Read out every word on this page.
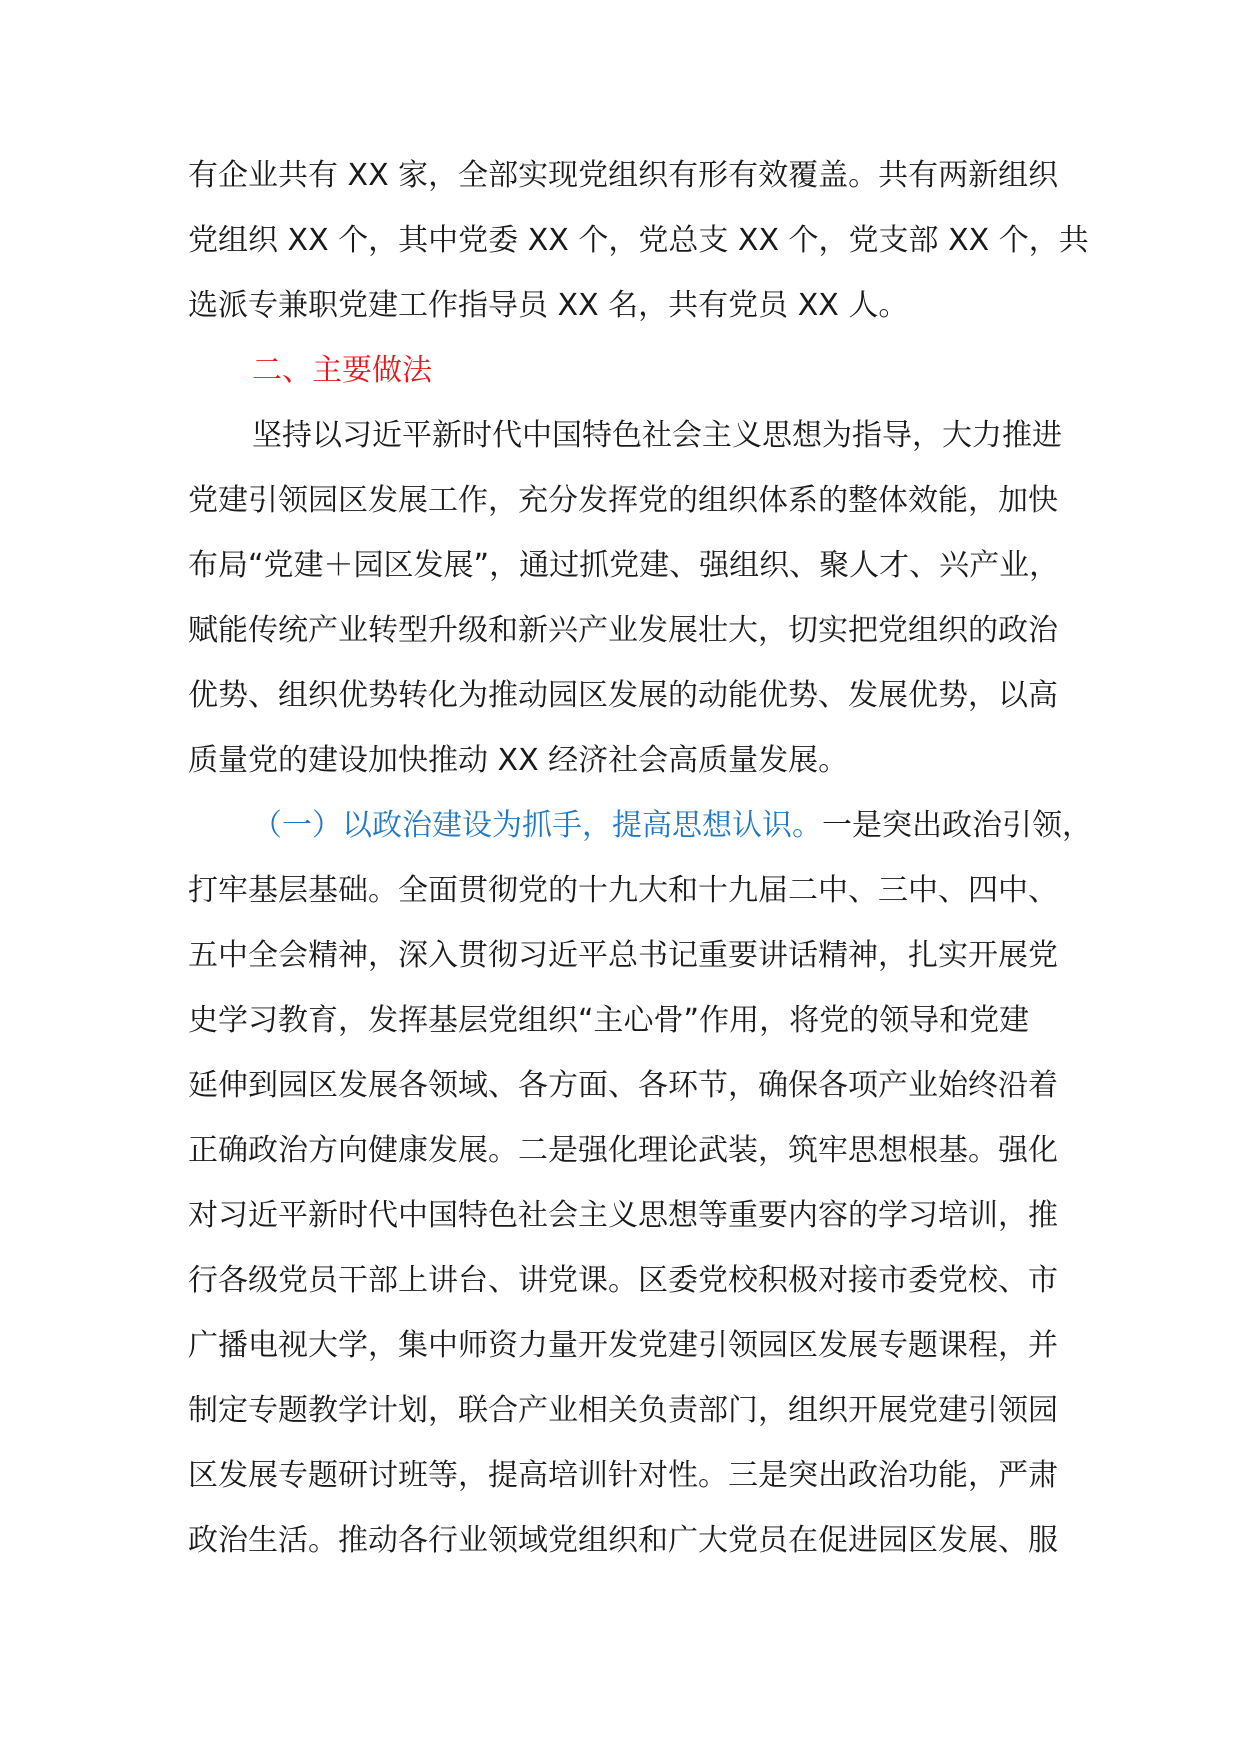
有企业共有 XX 家，全部实现党组织有形有效覆盖。共有两新组织
党组织 XX 个，其中党委 XX 个，党总支 XX 个，党支部 XX 个，共
选派专兼职党建工作指导员 XX 名，共有党员 XX 人。
二、主要做法
坚持以习近平新时代中国特色社会主义思想为指导，大力推进
党建引领园区发展工作，充分发挥党的组织体系的整体效能，加快
布局“党建＋园区发展”，通过抓党建、强组织、聚人才、兴产业，
赋能传统产业转型升级和新兴产业发展壮大，切实把党组织的政治
优势、组织优势转化为推动园区发展的动能优势、发展优势，以高
质量党的建设加快推动 XX 经济社会高质量发展。
（一）以政治建设为抓手，提高思想认识。一是突出政治引领，
打牢基层基础。全面贯彻党的十九大和十九届二中、三中、四中、
五中全会精神，深入贯彻习近平总书记重要讲话精神，扎实开展党
史学习教育，发挥基层党组织“主心骨”作用，将党的领导和党建
延伸到园区发展各领域、各方面、各环节，确保各项产业始终沿着
正确政治方向健康发展。二是强化理论武装，筑牢思想根基。强化
对习近平新时代中国特色社会主义思想等重要内容的学习培训，推
行各级党员干部上讲台、讲党课。区委党校积极对接市委党校、市
广播电视大学，集中师资力量开发党建引领园区发展专题课程，并
制定专题教学计划，联合产业相关负责部门，组织开展党建引领园
区发展专题研讨班等，提高培训针对性。三是突出政治功能，严肃
政治生活。推动各行业领域党组织和广大党员在促进园区发展、服
